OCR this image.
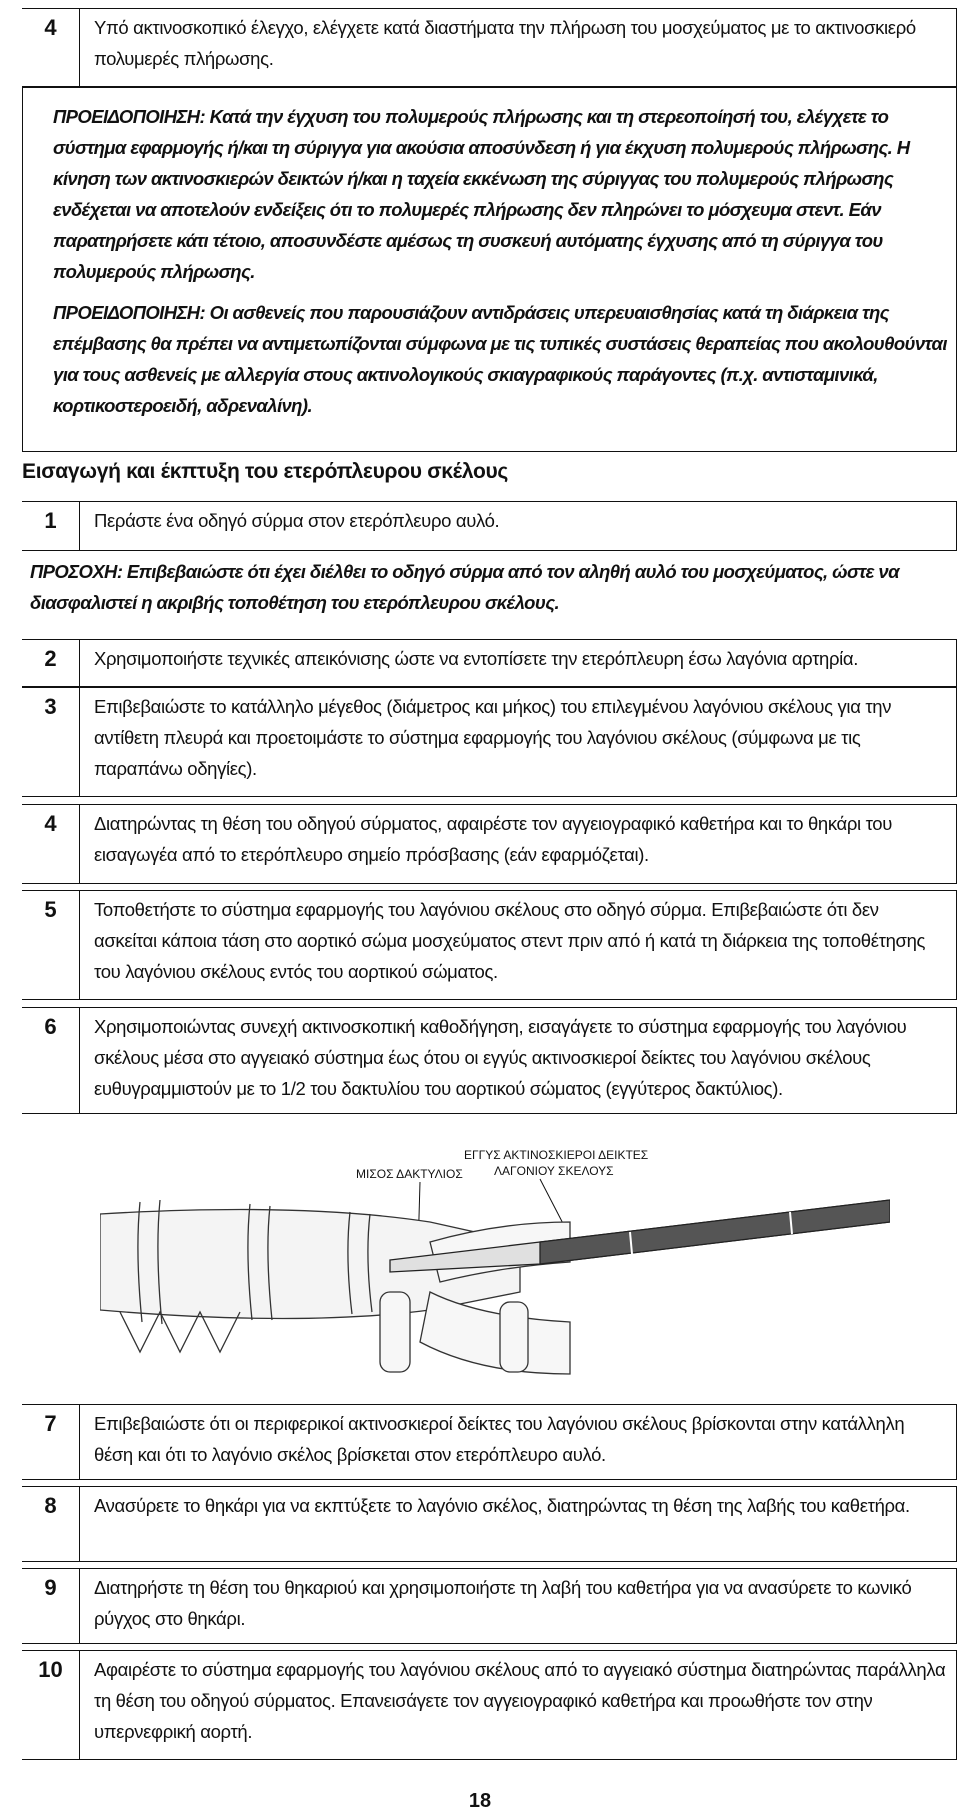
4	Υπό ακτινοσκοπικό έλεγχο, ελέγχετε κατά διαστήματα την πλήρωση του μοσχεύματος με το ακτινοσκιερό πολυμερές πλήρωσης.
ΠΡΟΕΙΔΟΠΟΙΗΣΗ: Κατά την έγχυση του πολυμερούς πλήρωσης και τη στερεοποίησή του, ελέγχετε το σύστημα εφαρμογής ή/και τη σύριγγα για ακούσια αποσύνδεση ή για έκχυση πολυμερούς πλήρωσης. Η κίνηση των ακτινοσκιερών δεικτών ή/και η ταχεία εκκένωση της σύριγγας του πολυμερούς πλήρωσης ενδέχεται να αποτελούν ενδείξεις ότι το πολυμερές πλήρωσης δεν πληρώνει το μόσχευμα στεντ. Εάν παρατηρήσετε κάτι τέτοιο, αποσυνδέστε αμέσως τη συσκευή αυτόματης έγχυσης από τη σύριγγα του πολυμερούς πλήρωσης.
ΠΡΟΕΙΔΟΠΟΙΗΣΗ: Οι ασθενείς που παρουσιάζουν αντιδράσεις υπερευαισθησίας κατά τη διάρκεια της επέμβασης θα πρέπει να αντιμετωπίζονται σύμφωνα με τις τυπικές συστάσεις θεραπείας που ακολουθούνται για τους ασθενείς με αλλεργία στους ακτινολογικούς σκιαγραφικούς παράγοντες (π.χ. αντισταμινικά, κορτικοστεροειδή, αδρεναλίνη).
Εισαγωγή και έκπτυξη του ετερόπλευρου σκέλους
1	Περάστε ένα οδηγό σύρμα στον ετερόπλευρο αυλό.
ΠΡΟΣΟΧΗ: Επιβεβαιώστε ότι έχει διέλθει το οδηγό σύρμα από τον αληθή αυλό του μοσχεύματος, ώστε να διασφαλιστεί η ακριβής τοποθέτηση του ετερόπλευρου σκέλους.
2	Χρησιμοποιήστε τεχνικές απεικόνισης ώστε να εντοπίσετε την ετερόπλευρη έσω λαγόνια αρτηρία.
3	Επιβεβαιώστε το κατάλληλο μέγεθος (διάμετρος και μήκος) του επιλεγμένου λαγόνιου σκέλους για την αντίθετη πλευρά και προετοιμάστε το σύστημα εφαρμογής του λαγόνιου σκέλους (σύμφωνα με τις παραπάνω οδηγίες).
4	Διατηρώντας τη θέση του οδηγού σύρματος, αφαιρέστε τον αγγειογραφικό καθετήρα και το θηκάρι του εισαγωγέα από το ετερόπλευρο σημείο πρόσβασης (εάν εφαρμόζεται).
5	Τοποθετήστε το σύστημα εφαρμογής του λαγόνιου σκέλους στο οδηγό σύρμα. Επιβεβαιώστε ότι δεν ασκείται κάποια τάση στο αορτικό σώμα μοσχεύματος στεντ πριν από ή κατά τη διάρκεια της τοποθέτησης του λαγόνιου σκέλους εντός του αορτικού σώματος.
6	Χρησιμοποιώντας συνεχή ακτινοσκοπική καθοδήγηση, εισαγάγετε το σύστημα εφαρμογής του λαγόνιου σκέλους μέσα στο αγγειακό σύστημα έως ότου οι εγγύς ακτινοσκιεροί δείκτες του λαγόνιου σκέλους ευθυγραμμιστούν με το 1/2 του δακτυλίου του αορτικού σώματος (εγγύτερος δακτύλιος).
ΜΙΣΟΣ ΔΑΚΤΥΛΙΟΣ
ΕΓΓΥΣ ΑΚΤΙΝΟΣΚΙΕΡΟΙ ΔΕΙΚΤΕΣ
ΛΑΓΟΝΙΟΥ ΣΚΕΛΟΥΣ
7	Επιβεβαιώστε ότι οι περιφερικοί ακτινοσκιεροί δείκτες του λαγόνιου σκέλους βρίσκονται στην κατάλληλη θέση και ότι το λαγόνιο σκέλος βρίσκεται στον ετερόπλευρο αυλό.
8	Ανασύρετε το θηκάρι για να εκπτύξετε το λαγόνιο σκέλος, διατηρώντας τη θέση της λαβής του καθετήρα.
9	Διατηρήστε τη θέση του θηκαριού και χρησιμοποιήστε τη λαβή του καθετήρα για να ανασύρετε το κωνικό ρύγχος στο θηκάρι.
10	Αφαιρέστε το σύστημα εφαρμογής του λαγόνιου σκέλους από το αγγειακό σύστημα διατηρώντας παράλληλα τη θέση του οδηγού σύρματος. Επανεισάγετε τον αγγειογραφικό καθετήρα και προωθήστε τον στην υπερνεφρική αορτή.
18
